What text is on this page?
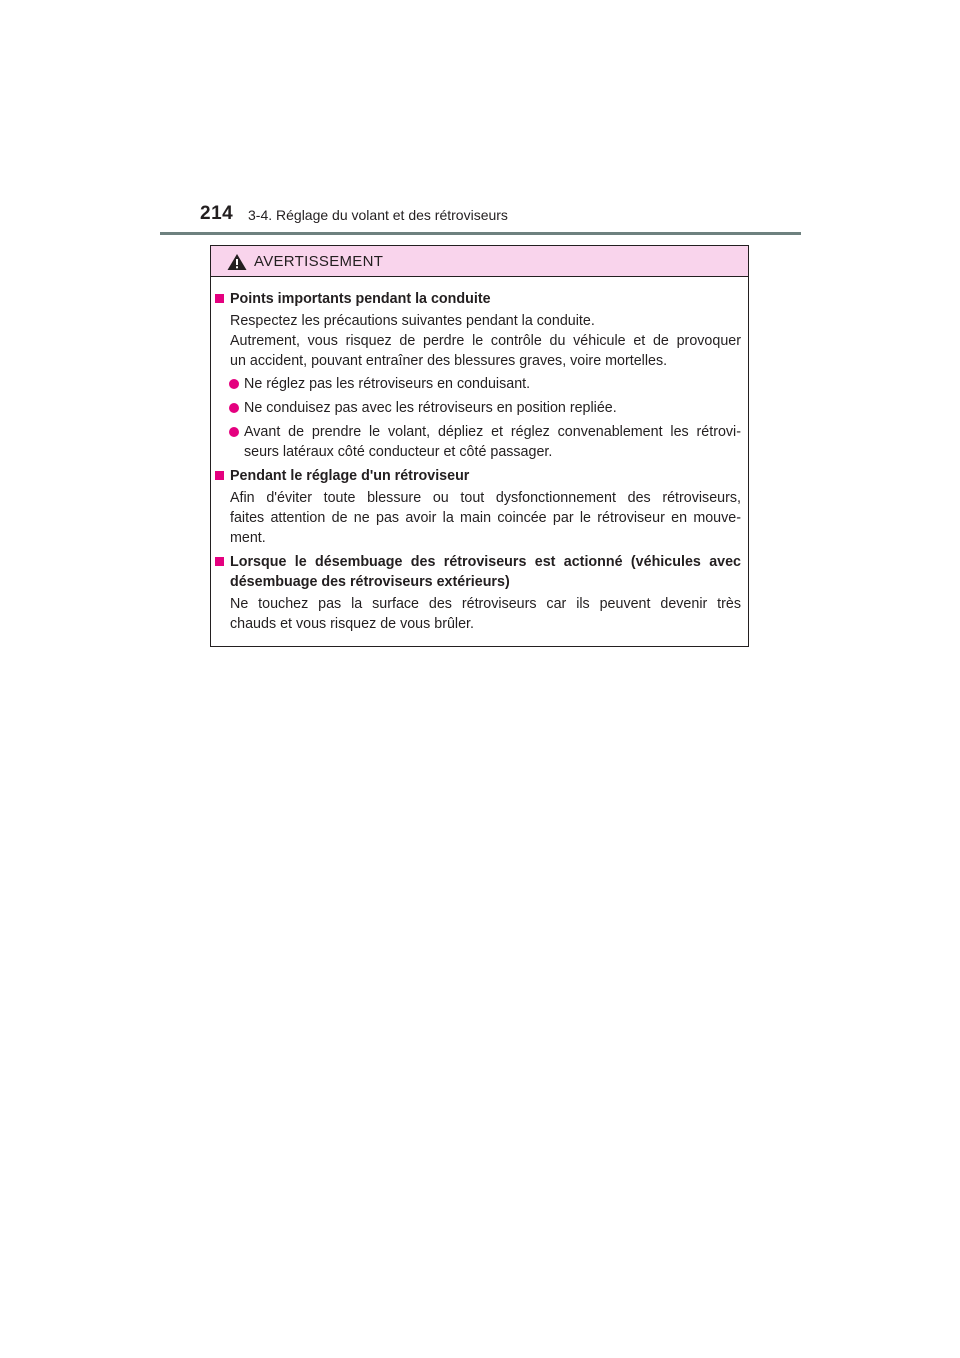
214 3-4. Réglage du volant et des rétroviseurs
AVERTISSEMENT
Points importants pendant la conduite
Respectez les précautions suivantes pendant la conduite.
Autrement, vous risquez de perdre le contrôle du véhicule et de provoquer
un accident, pouvant entraîner des blessures graves, voire mortelles.
Ne réglez pas les rétroviseurs en conduisant.
Ne conduisez pas avec les rétroviseurs en position repliée.
Avant de prendre le volant, dépliez et réglez convenablement les rétrovi-
seurs latéraux côté conducteur et côté passager.
Pendant le réglage d'un rétroviseur
Afin d'éviter toute blessure ou tout dysfonctionnement des rétroviseurs,
faites attention de ne pas avoir la main coincée par le rétroviseur en mouve-
ment.
Lorsque le désembuage des rétroviseurs est actionné (véhicules avec
désembuage des rétroviseurs extérieurs)
Ne touchez pas la surface des rétroviseurs car ils peuvent devenir très
chauds et vous risquez de vous brûler.
